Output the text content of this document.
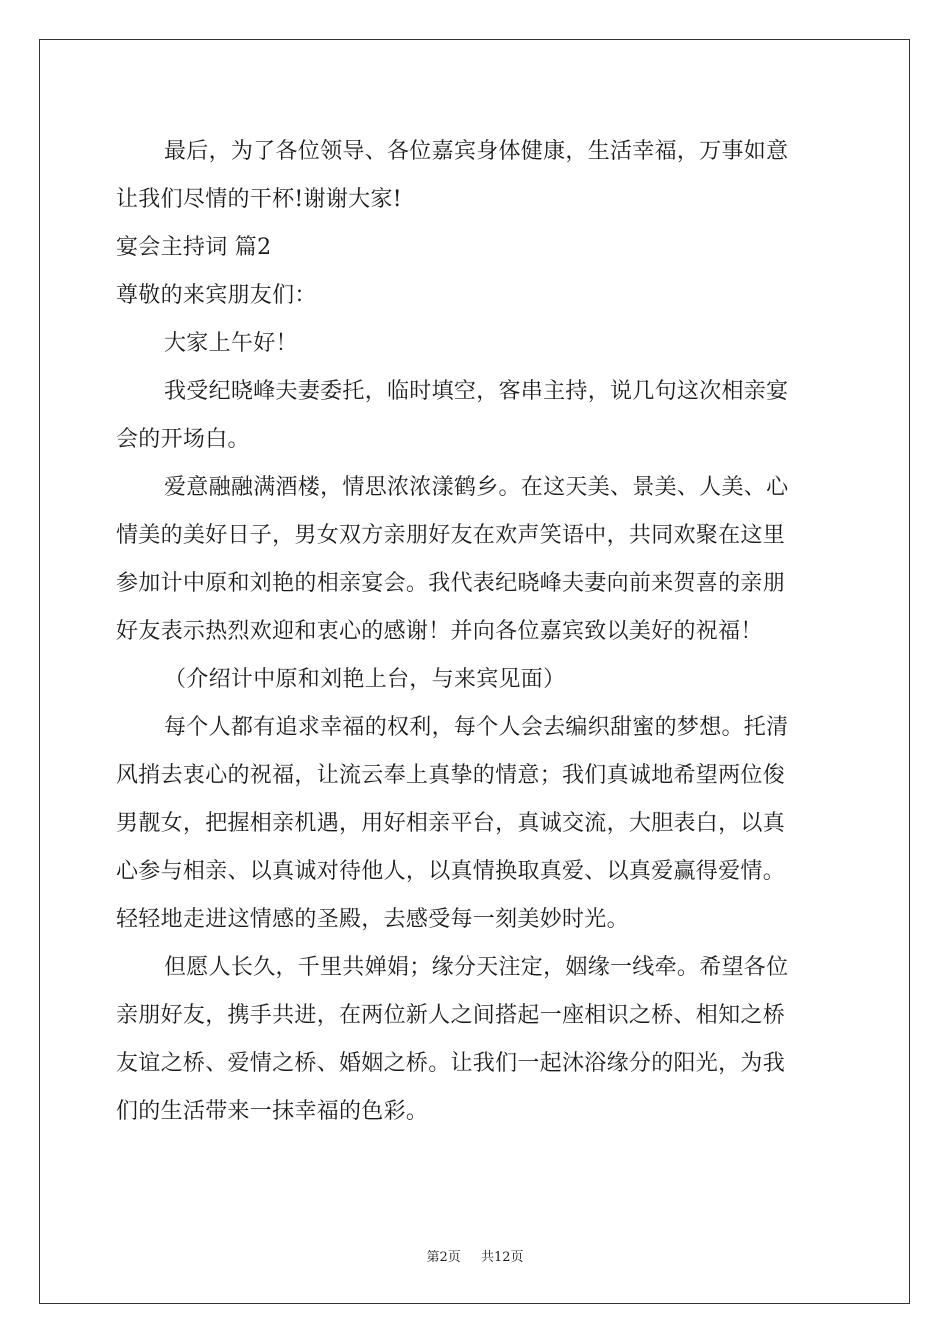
最后，为了各位领导、各位嘉宾身体健康，生活幸福，万事如意
让我们尽情的干杯!谢谢大家!
宴会主持词 篇2
尊敬的来宾朋友们：
大家上午好！
我受纪晓峰夫妻委托，临时填空，客串主持，说几句这次相亲宴
会的开场白。
爱意融融满酒楼，情思浓浓漾鹤乡。在这天美、景美、人美、心
情美的美好日子，男女双方亲朋好友在欢声笑语中，共同欢聚在这里
参加计中原和刘艳的相亲宴会。我代表纪晓峰夫妻向前来贺喜的亲朋
好友表示热烈欢迎和衷心的感谢！并向各位嘉宾致以美好的祝福！
（介绍计中原和刘艳上台，与来宾见面）
每个人都有追求幸福的权利，每个人会去编织甜蜜的梦想。托清
风捎去衷心的祝福，让流云奉上真挚的情意；我们真诚地希望两位俊
男靓女，把握相亲机遇，用好相亲平台，真诚交流，大胆表白，以真
心参与相亲、以真诚对待他人，以真情换取真爱、以真爱赢得爱情。
轻轻地走进这情感的圣殿，去感受每一刻美妙时光。
但愿人长久，千里共婵娟；缘分天注定，姻缘一线牵。希望各位
亲朋好友，携手共进，在两位新人之间搭起一座相识之桥、相知之桥
友谊之桥、爱情之桥、婚姻之桥。让我们一起沐浴缘分的阳光，为我
们的生活带来一抹幸福的色彩。
第2页 共12页
